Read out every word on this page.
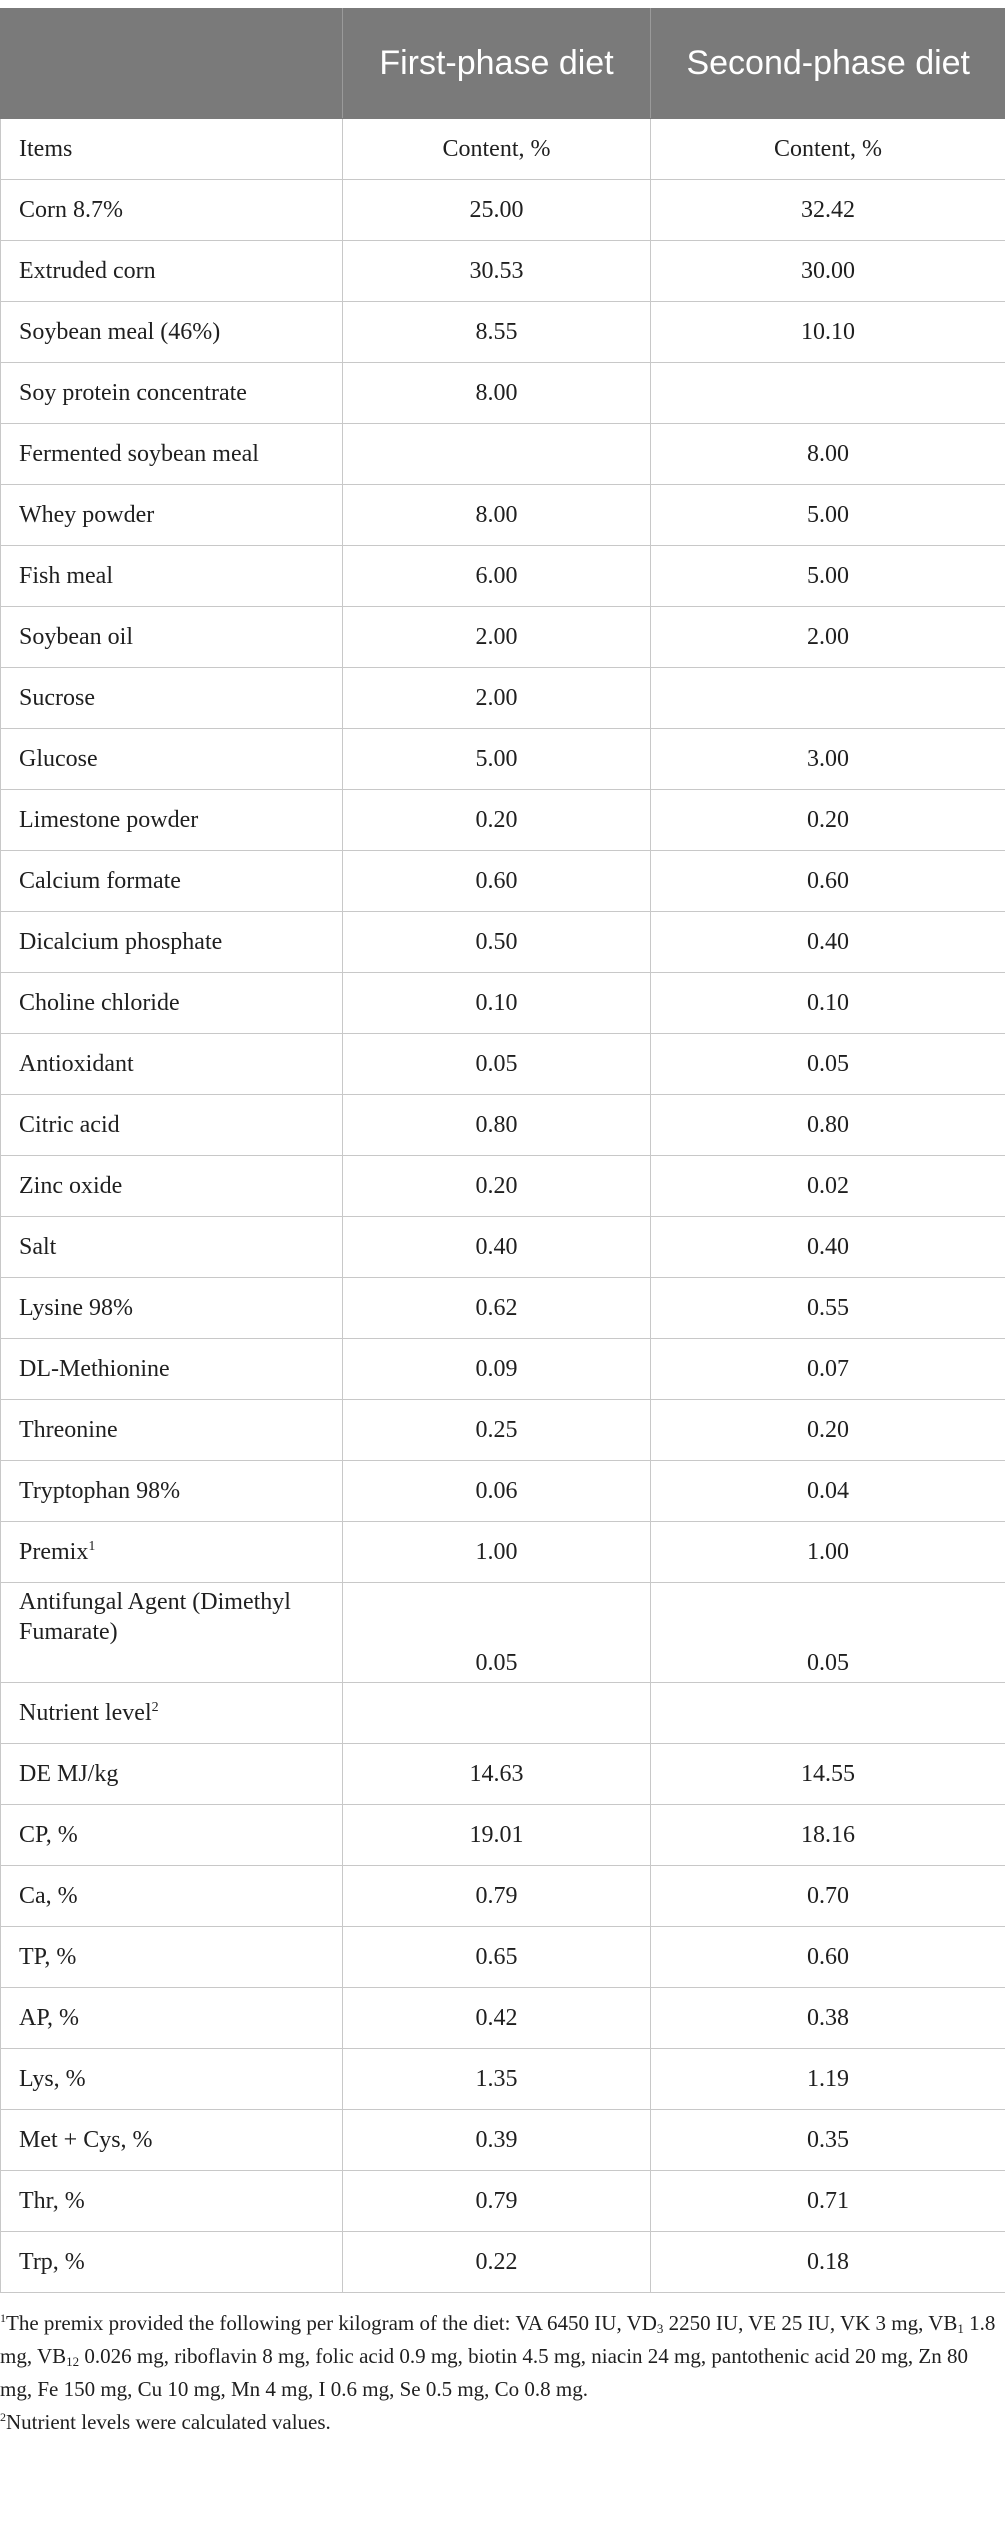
	First-phase diet	Second-phase diet
Items	Content, %	Content, %
Corn 8.7%	25.00	32.42
Extruded corn	30.53	30.00
Soybean meal (46%)	8.55	10.10
Soy protein concentrate	8.00	
Fermented soybean meal		8.00
Whey powder	8.00	5.00
Fish meal	6.00	5.00
Soybean oil	2.00	2.00
Sucrose	2.00	
Glucose	5.00	3.00
Limestone powder	0.20	0.20
Calcium formate	0.60	0.60
Dicalcium phosphate	0.50	0.40
Choline chloride	0.10	0.10
Antioxidant	0.05	0.05
Citric acid	0.80	0.80
Zinc oxide	0.20	0.02
Salt	0.40	0.40
Lysine 98%	0.62	0.55
DL-Methionine	0.09	0.07
Threonine	0.25	0.20
Tryptophan 98%	0.06	0.04
Premix$^1$	1.00	1.00
Antifungal Agent (Dimethyl Fumarate)	0.05	0.05
Nutrient level$^2$		
DE MJ/kg	14.63	14.55
CP, %	19.01	18.16
Ca, %	0.79	0.70
TP, %	0.65	0.60
AP, %	0.42	0.38
Lys, %	1.35	1.19
Met + Cys, %	0.39	0.35
Thr, %	0.79	0.71
Trp, %	0.22	0.18

$^1$The premix provided the following per kilogram of the diet: VA 6450 IU, $VD_3$ 2250 IU, VE 25 IU, VK 3 mg, $VB_1$ 1.8 mg, $VB_{12}$ 0.026 mg, riboflavin 8 mg, folic acid 0.9 mg, biotin 4.5 mg, niacin 24 mg, pantothenic acid 20 mg, Zn 80 mg, Fe 150 mg, Cu 10 mg, Mn 4 mg, I 0.6 mg, Se 0.5 mg, Co 0.8 mg.

$^2$Nutrient levels were calculated values.
